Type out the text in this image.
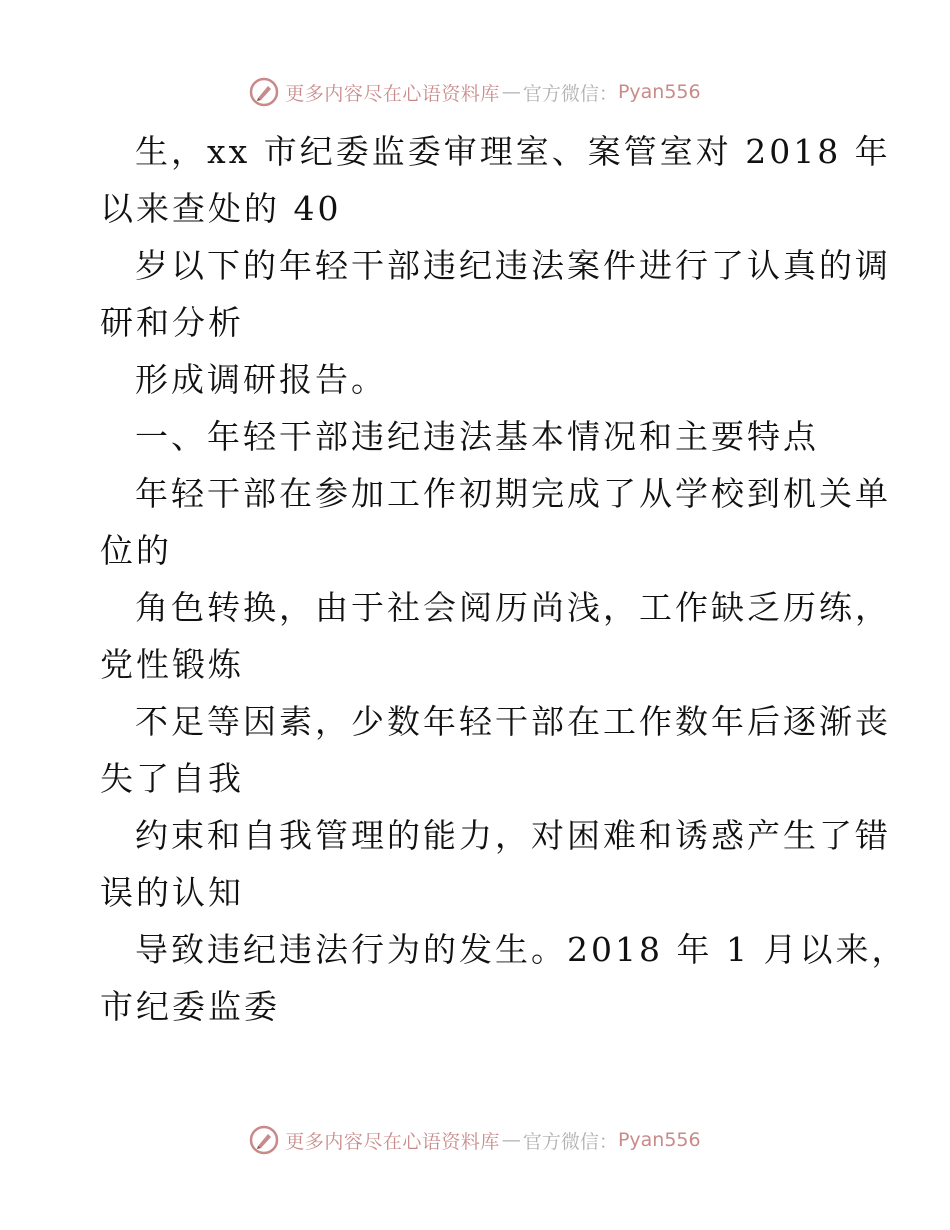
更多内容尽在心语资料库 — 官方微信： Pyan556
生，xx 市纪委监委审理室、案管室对 2018 年
以来查处的 40
岁以下的年轻干部违纪违法案件进行了认真的调
研和分析
形成调研报告。
一、年轻干部违纪违法基本情况和主要特点
年轻干部在参加工作初期完成了从学校到机关单
位的
角色转换，由于社会阅历尚浅，工作缺乏历练，
党性锻炼
不足等因素，少数年轻干部在工作数年后逐渐丧
失了自我
约束和自我管理的能力，对困难和诱惑产生了错
误的认知
导致违纪违法行为的发生。2018 年 1 月以来，
市纪委监委
更多内容尽在心语资料库 — 官方微信： Pyan556
